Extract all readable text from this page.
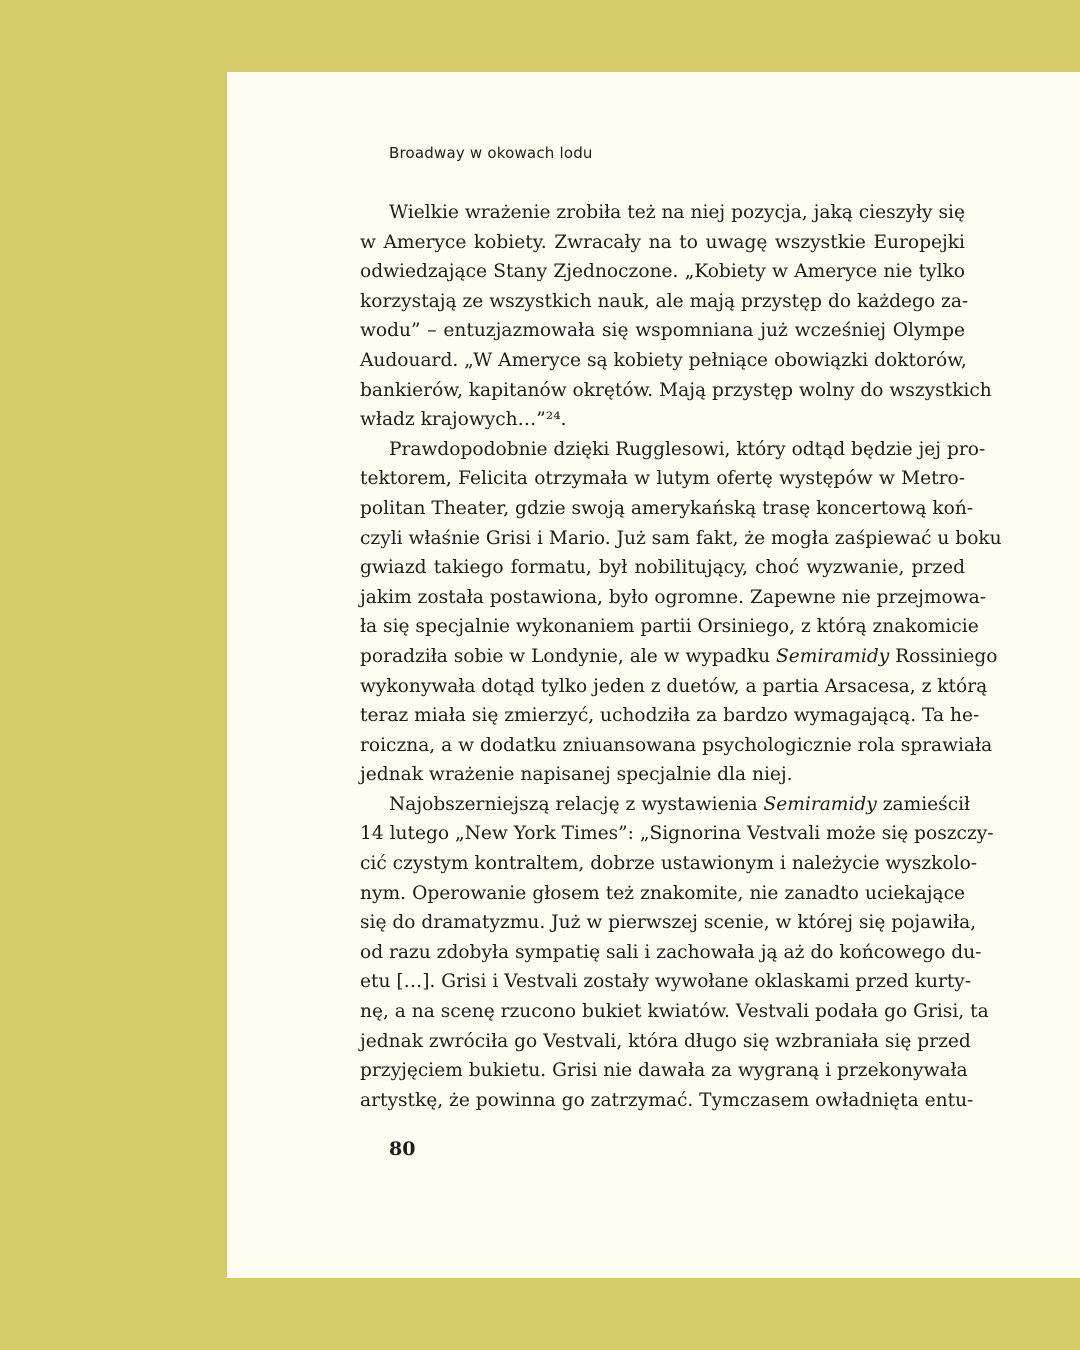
Broadway w okowach lodu
Wielkie wrażenie zrobiła też na niej pozycja, jaką cieszyły się
w Ameryce kobiety. Zwracały na to uwagę wszystkie Europejki
odwiedzające Stany Zjednoczone. „Kobiety w Ameryce nie tylko
korzystają ze wszystkich nauk, ale mają przystęp do każdego za-
wodu” – entuzjazmowała się wspomniana już wcześniej Olympe
Audouard. „W Ameryce są kobiety pełniące obowiązki doktorów,
bankierów, kapitanów okrętów. Mają przystęp wolny do wszystkich
władz krajowych…”²⁴.
Prawdopodobnie dzięki Rugglesowi, który odtąd będzie jej pro-
tektorem, Felicita otrzymała w lutym ofertę występów w Metro-
politan Theater, gdzie swoją amerykańską trasę koncertową koń-
czyli właśnie Grisi i Mario. Już sam fakt, że mogła zaśpiewać u boku
gwiazd takiego formatu, był nobilitujący, choć wyzwanie, przed
jakim została postawiona, było ogromne. Zapewne nie przejmowa-
ła się specjalnie wykonaniem partii Orsiniego, z którą znakomicie
poradziła sobie w Londynie, ale w wypadku Semiramidy Rossiniego
wykonywała dotąd tylko jeden z duetów, a partia Arsacesa, z którą
teraz miała się zmierzyć, uchodziła za bardzo wymagającą. Ta he-
roiczna, a w dodatku zniuansowana psychologicznie rola sprawiała
jednak wrażenie napisanej specjalnie dla niej.
Najobszerniejszą relację z wystawienia Semiramidy zamieścił
14 lutego „New York Times”: „Signorina Vestvali może się poszczy-
cić czystym kontraltem, dobrze ustawionym i należycie wyszkolo-
nym. Operowanie głosem też znakomite, nie zanadto uciekające
się do dramatyzmu. Już w pierwszej scenie, w której się pojawiła,
od razu zdobyła sympatię sali i zachowała ją aż do końcowego du-
etu […]. Grisi i Vestvali zostały wywołane oklaskami przed kurty-
nę, a na scenę rzucono bukiet kwiatów. Vestvali podała go Grisi, ta
jednak zwróciła go Vestvali, która długo się wzbraniała się przed
przyjęciem bukietu. Grisi nie dawała za wygraną i przekonywała
artystkę, że powinna go zatrzymać. Tymczasem owładnięta entu-
80
